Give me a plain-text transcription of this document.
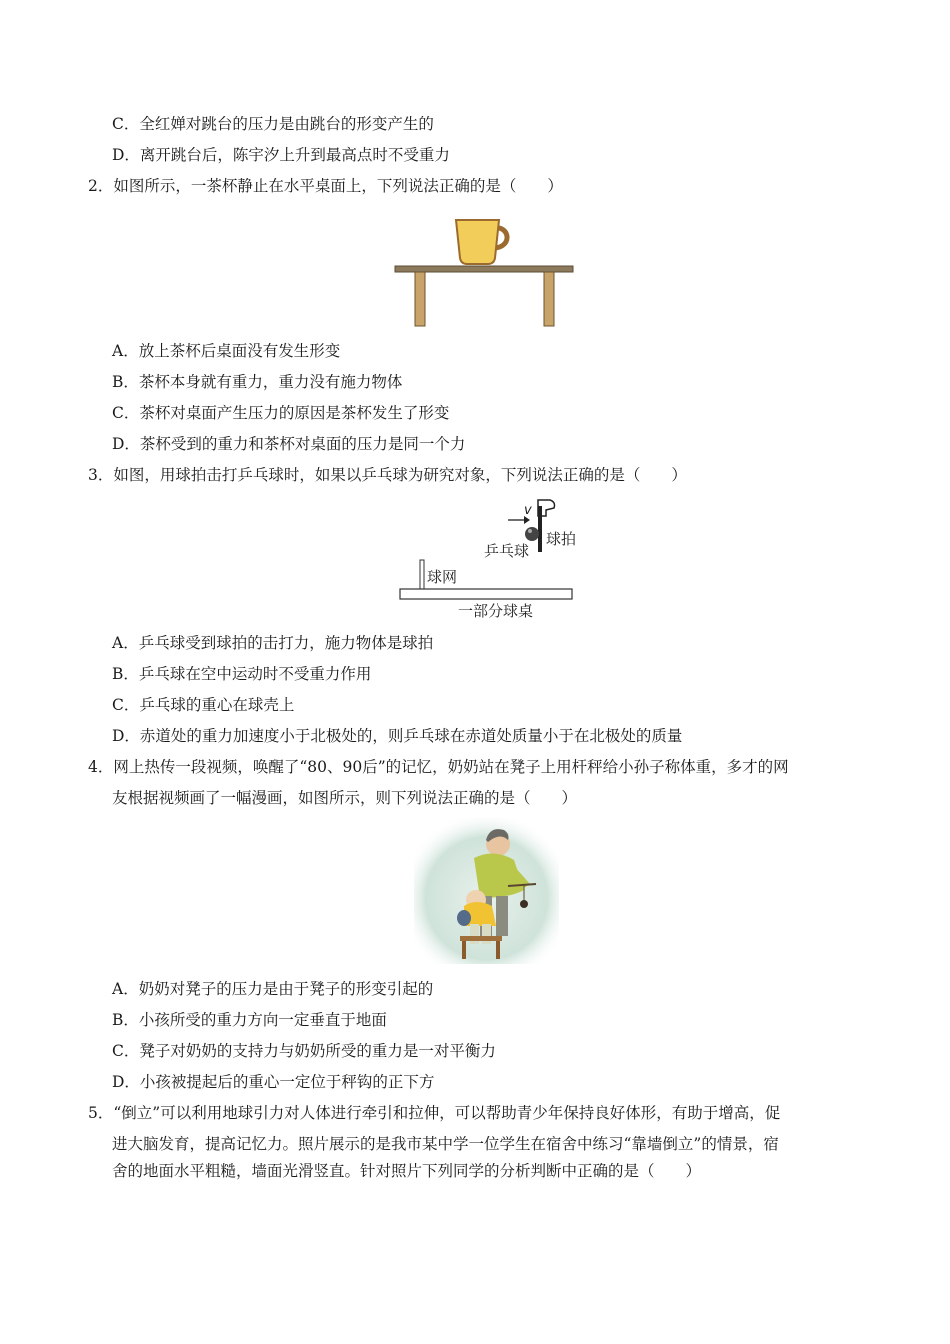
C．全红婵对跳台的压力是由跳台的形变产生的
D．离开跳台后，陈宇汐上升到最高点时不受重力
2．如图所示，一茶杯静止在水平桌面上，下列说法正确的是（　　）
A．放上茶杯后桌面没有发生形变
B．茶杯本身就有重力，重力没有施力物体
C．茶杯对桌面产生压力的原因是茶杯发生了形变
D．茶杯受到的重力和茶杯对桌面的压力是同一个力
3．如图，用球拍击打乒乓球时，如果以乒乓球为研究对象，下列说法正确的是（　　）
v
球拍
乒乓球
球网
一部分球桌
A．乒乓球受到球拍的击打力，施力物体是球拍
B．乒乓球在空中运动时不受重力作用
C．乒乓球的重心在球壳上
D．赤道处的重力加速度小于北极处的，则乒乓球在赤道处质量小于在北极处的质量
4．网上热传一段视频，唤醒了“80、90后”的记忆，奶奶站在凳子上用杆秤给小孙子称体重，多才的网
友根据视频画了一幅漫画，如图所示，则下列说法正确的是（　　）
A．奶奶对凳子的压力是由于凳子的形变引起的
B．小孩所受的重力方向一定垂直于地面
C．凳子对奶奶的支持力与奶奶所受的重力是一对平衡力
D．小孩被提起后的重心一定位于秤钩的正下方
5．“倒立”可以利用地球引力对人体进行牵引和拉伸，可以帮助青少年保持良好体形，有助于增高，促
进大脑发育，提高记忆力。照片展示的是我市某中学一位学生在宿舍中练习“靠墙倒立”的情景，宿
舍的地面水平粗糙，墙面光滑竖直。针对照片下列同学的分析判断中正确的是（　　）
